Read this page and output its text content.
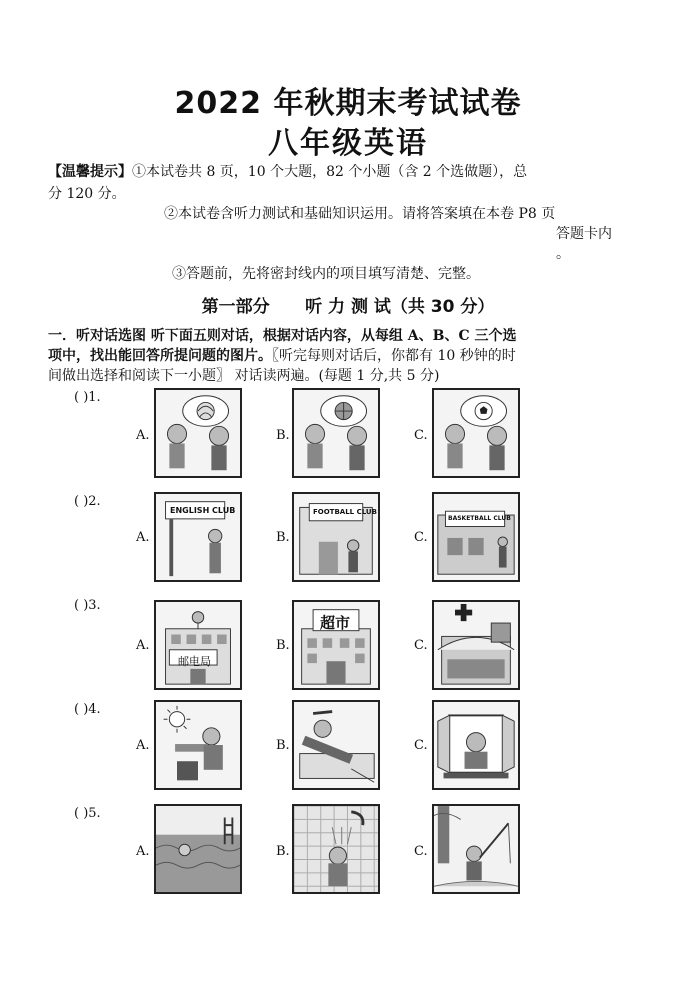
2022 年秋期末考试试卷
八年级英语
【温馨提示】①本试卷共 8 页，10 个大题，82 个小题（含 2 个选做题），总
分 120 分。
②本试卷含听力测试和基础知识运用。请将答案填在本卷 P8 页
答题卡内
。
③答题前，先将密封线内的项目填写清楚、完整。
第一部分      听 力 测 试（共 30 分）
一．听对话选图 听下面五则对话，根据对话内容，从每组 A、B、C 三个选
项中，找出能回答所提问题的图片。〖听完每则对话后，你都有 10 秒钟的时
间做出选择和阅读下一小题〗 对话读两遍。(每题 1 分,共 5 分)
( )1.
A.	B.	C.
( )2.
A.	B.	C.
ENGLISH CLUB	FOOTBALL CLUB
BASKETBALL CLUB
( )3.
A.	B.	C.
邮电局
超市
( )4.
A.	B.	C.
( )5.
A.	B.	C.
